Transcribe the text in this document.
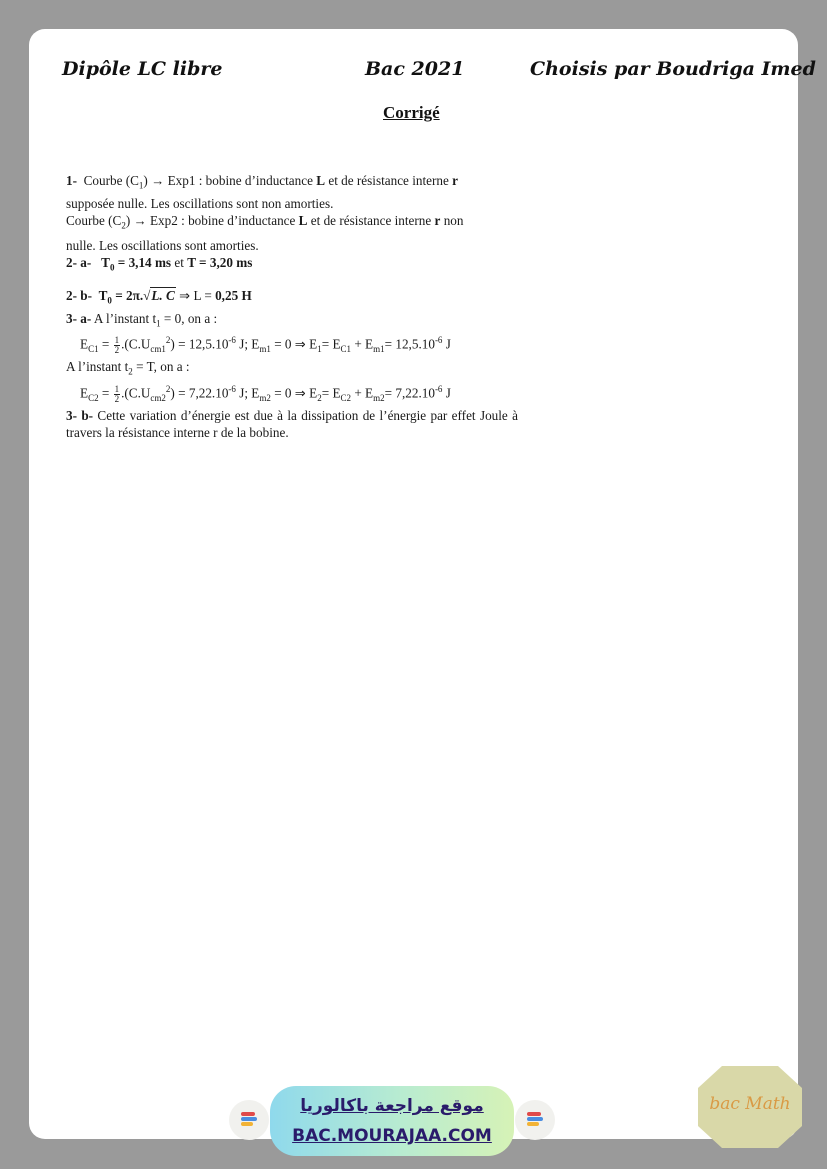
Dipôle LC libre	Bac 2021	Choisis par Boudriga Imed
Corrigé

1- Courbe $(C_1) \to Exp1$ : bobine d’inductance L et de résistance interne r

supposée nulle. Les oscillations sont non amorties.

Courbe $(C_2) \to Exp2$ : bobine d’inductance L et de résistance interne r non

nulle. Les oscillations sont amorties.

2- a- $T_0 = 3,14$ ms et T = 3,20 ms

2- b- $T_0 = 2\pi.√L$. C ⇒ L = 0,25 H

3- a- A l’instant $t_1 = 0$, on a :

$E_{C1} = \frac{1}{2} .(C.U_{cm1}^2) = 12,5.10^{-6}$ J; $E_{m1} = 0$ ⇒ $E_1= E_{C1} + E_{m1}= 12,5.10^{-6}$ J

A l’instant $t_2 = T$, on a :

$E_{C2} = \frac{1}{2} .(C.U_{cm2}^2) = 7,22.10^{-6}$ J; $E_{m2} = 0$ ⇒ $E_2= E_{C2} + E_{m2}= 7,22.10^{-6}$ J

3- b- Cette variation d’énergie est due à la dissipation de l’énergie par effet Joule à travers la résistance interne r de la bobine.

موقع مراجعة باكالوريا
BAC.MOURAJAA.COM
bac Math
